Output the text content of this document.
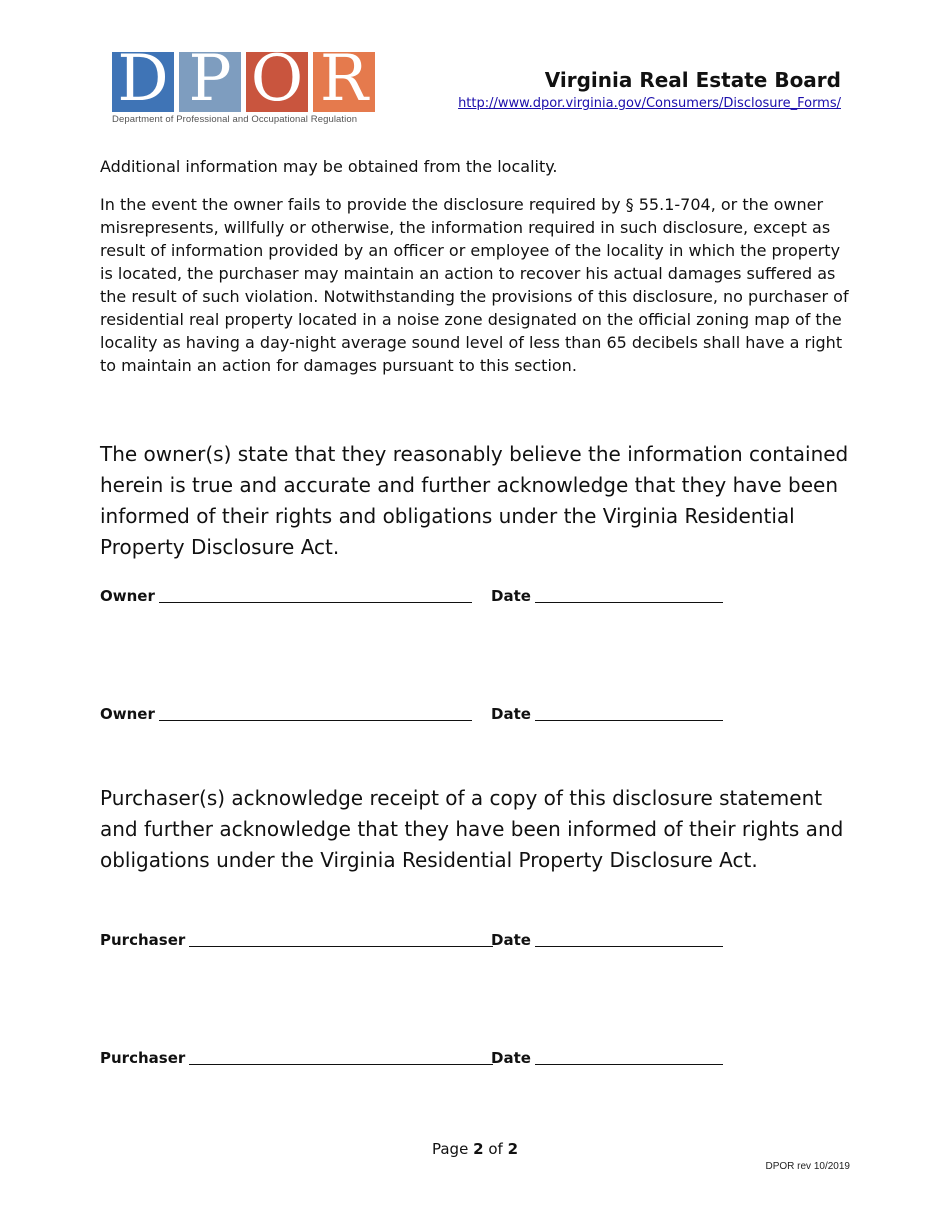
D P O R
Department of Professional and Occupational Regulation
Virginia Real Estate Board
http://www.dpor.virginia.gov/Consumers/Disclosure_Forms/
Additional information may be obtained from the locality.
In the event the owner fails to provide the disclosure required by § 55.1-704, or the owner misrepresents, willfully or otherwise, the information required in such disclosure, except as result of information provided by an officer or employee of the locality in which the property is located, the purchaser may maintain an action to recover his actual damages suffered as the result of such violation. Notwithstanding the provisions of this disclosure, no purchaser of residential real property located in a noise zone designated on the official zoning map of the locality as having a day-night average sound level of less than 65 decibels shall have a right to maintain an action for damages pursuant to this section.
The owner(s) state that they reasonably believe the information contained herein is true and accurate and further acknowledge that they have been informed of their rights and obligations under the Virginia Residential Property Disclosure Act.
Owner	Date
Owner	Date
Purchaser(s) acknowledge receipt of a copy of this disclosure statement and further acknowledge that they have been informed of their rights and obligations under the Virginia Residential Property Disclosure Act.
Purchaser	Date
Purchaser	Date
Page 2 of 2
DPOR rev 10/2019
